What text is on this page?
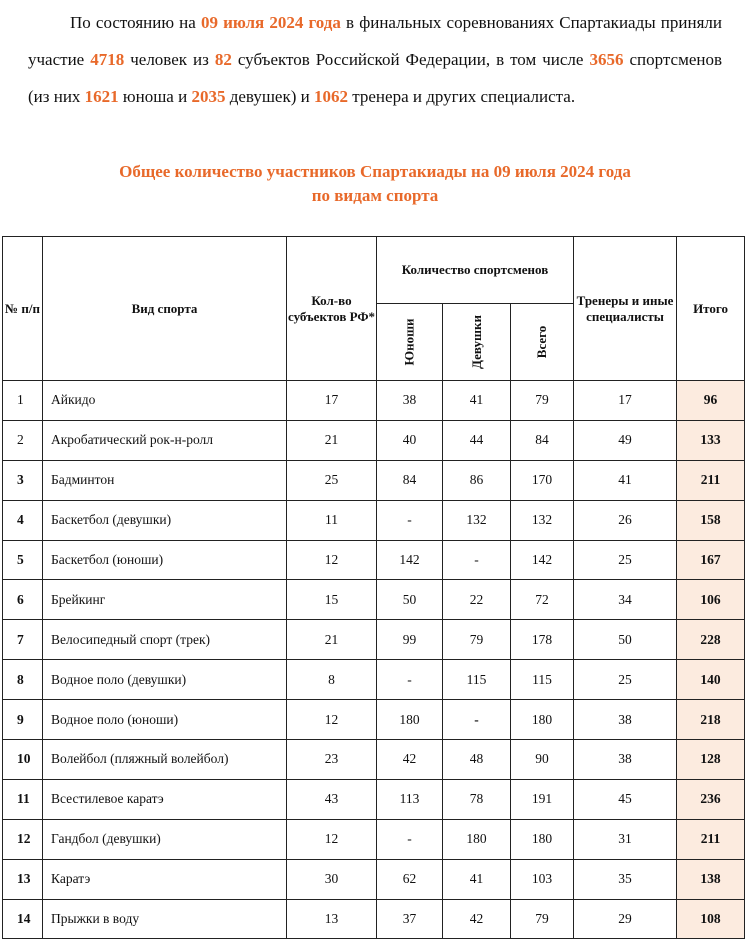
По состоянию на 09 июля 2024 года в финальных соревнованиях Спартакиады приняли участие 4718 человек из 82 субъектов Российской Федерации, в том числе 3656 спортсменов (из них 1621 юноша и 2035 девушек) и 1062 тренера и других специалиста.
Общее количество участников Спартакиады на 09 июля 2024 года
по видам спорта
№ п/п	Вид спорта	Кол-во субъектов РФ*	Количество спортсменов			Тренеры и иные специалисты	Итого
			Юноши	Девушки	Всего		
1	Айкидо	17	38	41	79	17	96
2	Акробатический рок-н-ролл	21	40	44	84	49	133
3	Бадминтон	25	84	86	170	41	211
4	Баскетбол (девушки)	11	-	132	132	26	158
5	Баскетбол (юноши)	12	142	-	142	25	167
6	Брейкинг	15	50	22	72	34	106
7	Велосипедный спорт (трек)	21	99	79	178	50	228
8	Водное поло (девушки)	8	-	115	115	25	140
9	Водное поло (юноши)	12	180	-	180	38	218
10	Волейбол (пляжный волейбол)	23	42	48	90	38	128
11	Всестилевое каратэ	43	113	78	191	45	236
12	Гандбол (девушки)	12	-	180	180	31	211
13	Каратэ	30	62	41	103	35	138
14	Прыжки в воду	13	37	42	79	29	108
